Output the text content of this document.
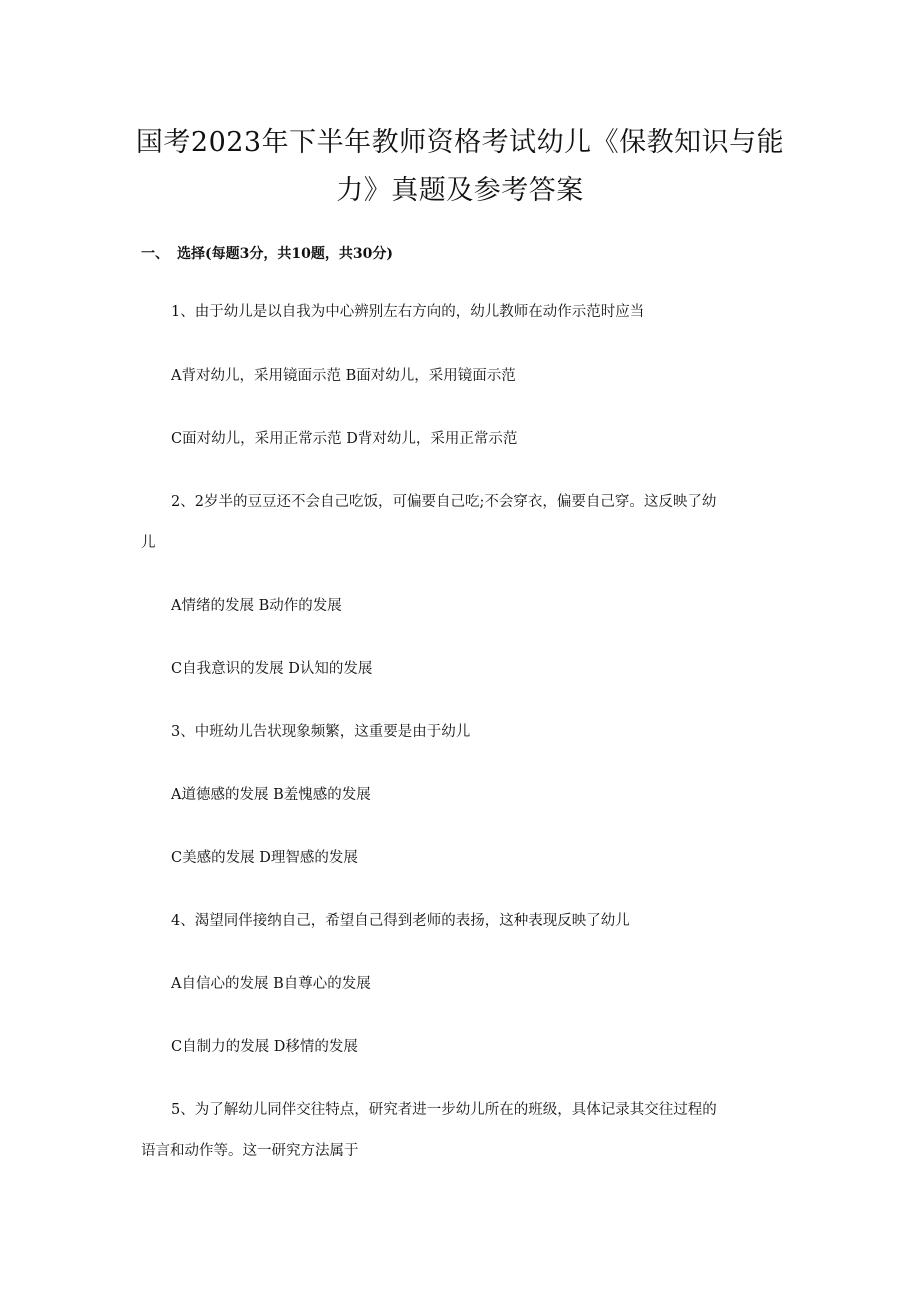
国考2023年下半年教师资格考试幼儿《保教知识与能
力》真题及参考答案
一、 选择(每题3分，共10题，共30分)
1、由于幼儿是以自我为中心辨别左右方向的，幼儿教师在动作示范时应当
A背对幼儿，采用镜面示范 B面对幼儿，采用镜面示范
C面对幼儿，采用正常示范 D背对幼儿，采用正常示范
2、2岁半的豆豆还不会自己吃饭，可偏要自己吃;不会穿衣，偏要自己穿。这反映了幼
儿
A情绪的发展 B动作的发展
C自我意识的发展 D认知的发展
3、中班幼儿告状现象频繁，这重要是由于幼儿
A道德感的发展 B羞愧感的发展
C美感的发展 D理智感的发展
4、渴望同伴接纳自己，希望自己得到老师的表扬，这种表现反映了幼儿
A自信心的发展 B自尊心的发展
C自制力的发展 D移情的发展
5、为了解幼儿同伴交往特点，研究者进一步幼儿所在的班级，具体记录其交往过程的
语言和动作等。这一研究方法属于
